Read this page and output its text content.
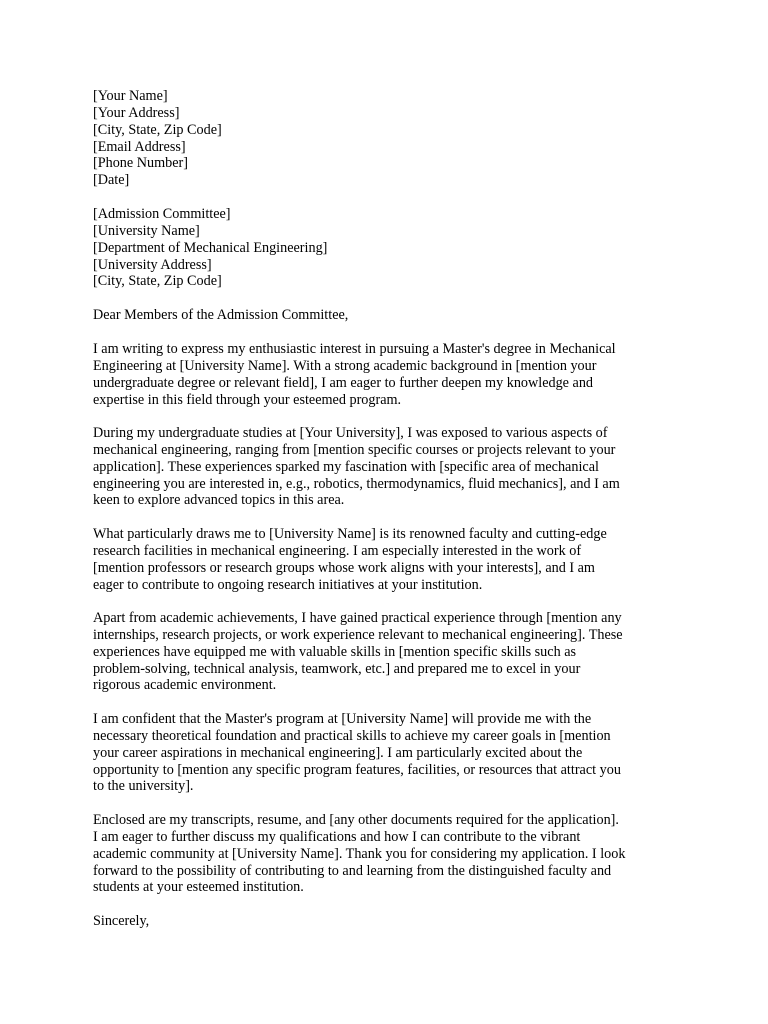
[Your Name]
[Your Address]
[City, State, Zip Code]
[Email Address]
[Phone Number]
[Date]
[Admission Committee]
[University Name]
[Department of Mechanical Engineering]
[University Address]
[City, State, Zip Code]
Dear Members of the Admission Committee,
I am writing to express my enthusiastic interest in pursuing a Master's degree in Mechanical
Engineering at [University Name]. With a strong academic background in [mention your
undergraduate degree or relevant field], I am eager to further deepen my knowledge and
expertise in this field through your esteemed program.
During my undergraduate studies at [Your University], I was exposed to various aspects of
mechanical engineering, ranging from [mention specific courses or projects relevant to your
application]. These experiences sparked my fascination with [specific area of mechanical
engineering you are interested in, e.g., robotics, thermodynamics, fluid mechanics], and I am
keen to explore advanced topics in this area.
What particularly draws me to [University Name] is its renowned faculty and cutting-edge
research facilities in mechanical engineering. I am especially interested in the work of
[mention professors or research groups whose work aligns with your interests], and I am
eager to contribute to ongoing research initiatives at your institution.
Apart from academic achievements, I have gained practical experience through [mention any
internships, research projects, or work experience relevant to mechanical engineering]. These
experiences have equipped me with valuable skills in [mention specific skills such as
problem-solving, technical analysis, teamwork, etc.] and prepared me to excel in your
rigorous academic environment.
I am confident that the Master's program at [University Name] will provide me with the
necessary theoretical foundation and practical skills to achieve my career goals in [mention
your career aspirations in mechanical engineering]. I am particularly excited about the
opportunity to [mention any specific program features, facilities, or resources that attract you
to the university].
Enclosed are my transcripts, resume, and [any other documents required for the application].
I am eager to further discuss my qualifications and how I can contribute to the vibrant
academic community at [University Name]. Thank you for considering my application. I look
forward to the possibility of contributing to and learning from the distinguished faculty and
students at your esteemed institution.
Sincerely,
